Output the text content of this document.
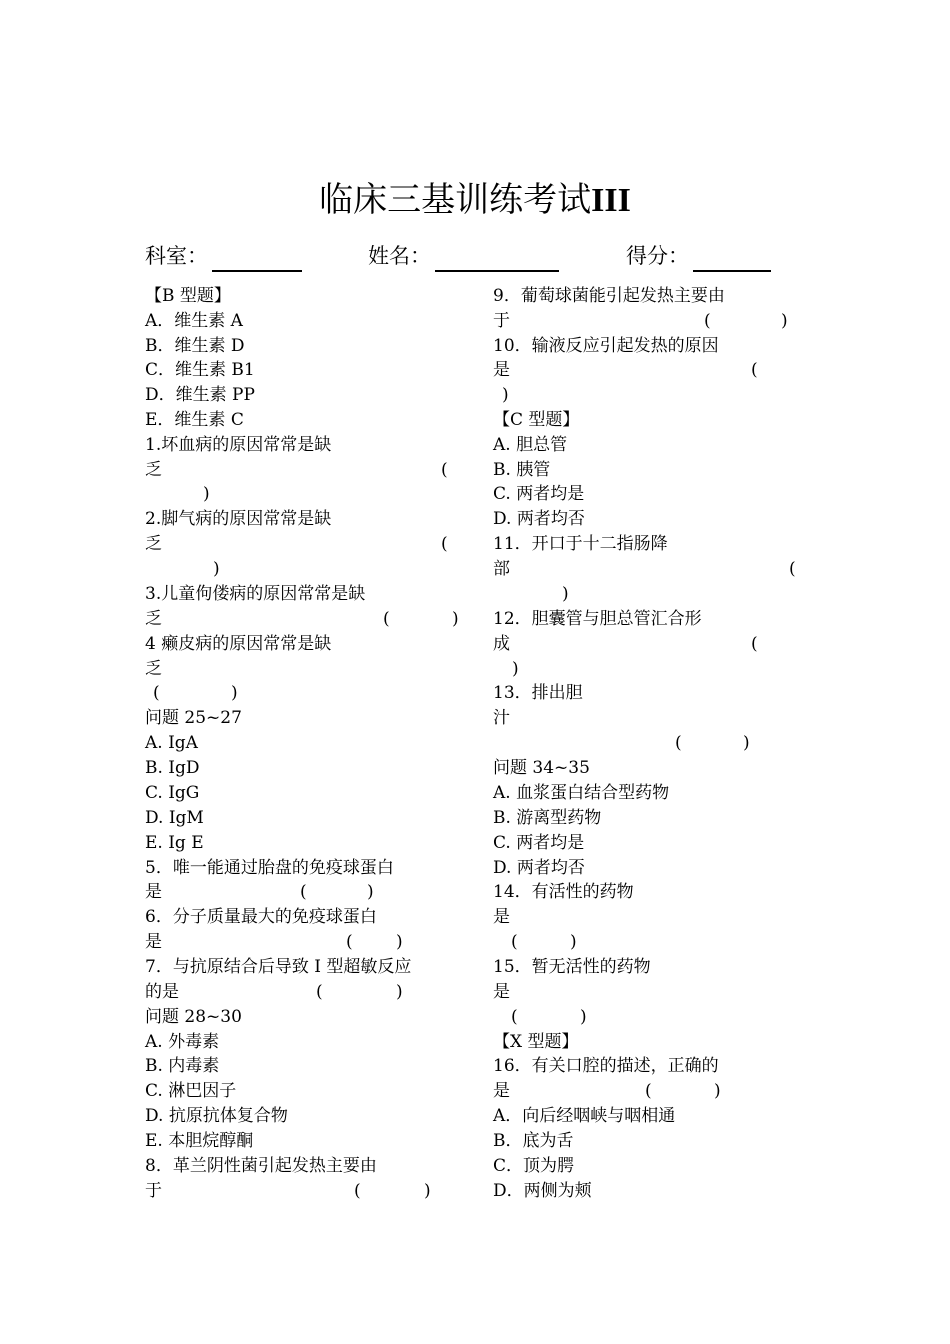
临床三基训练考试III
科室：	姓名：	得分：
【B 型题】
A．维生素 A
B．维生素 D
C．维生素 B1
D．维生素 PP
E．维生素 C
1.坏血病的原因常常是缺
乏	(
)
2.脚气病的原因常常是缺
乏	(
)
3.儿童佝偻病的原因常常是缺
乏	(	)
4 癞皮病的原因常常是缺
乏
(	)
问题 25~27
A. IgA
B. IgD
C. IgG
D. IgM
E. Ig E
5．唯一能通过胎盘的免疫球蛋白
是	(	)
6．分子质量最大的免疫球蛋白
是	(	)
7．与抗原结合后导致 I 型超敏反应
的是	(	)
问题 28~30
A. 外毒素
B. 内毒素
C. 淋巴因子
D. 抗原抗体复合物
E. 本胆烷醇酮
8．革兰阴性菌引起发热主要由
于	(	)
9．葡萄球菌能引起发热主要由
于	(	)
10．输液反应引起发热的原因
是	(
)
【C 型题】
A. 胆总管
B. 胰管
C. 两者均是
D. 两者均否
11．开口于十二指肠降
部	(
)
12．胆囊管与胆总管汇合形
成	(
)
13．排出胆
汁
(	)
问题 34~35
A. 血浆蛋白结合型药物
B. 游离型药物
C. 两者均是
D. 两者均否
14．有活性的药物
是
(	)
15．暂无活性的药物
是
(	)
【X 型题】
16．有关口腔的描述，正确的
是	(	)
A．向后经咽峡与咽相通
B．底为舌
C．顶为腭
D．两侧为颊
